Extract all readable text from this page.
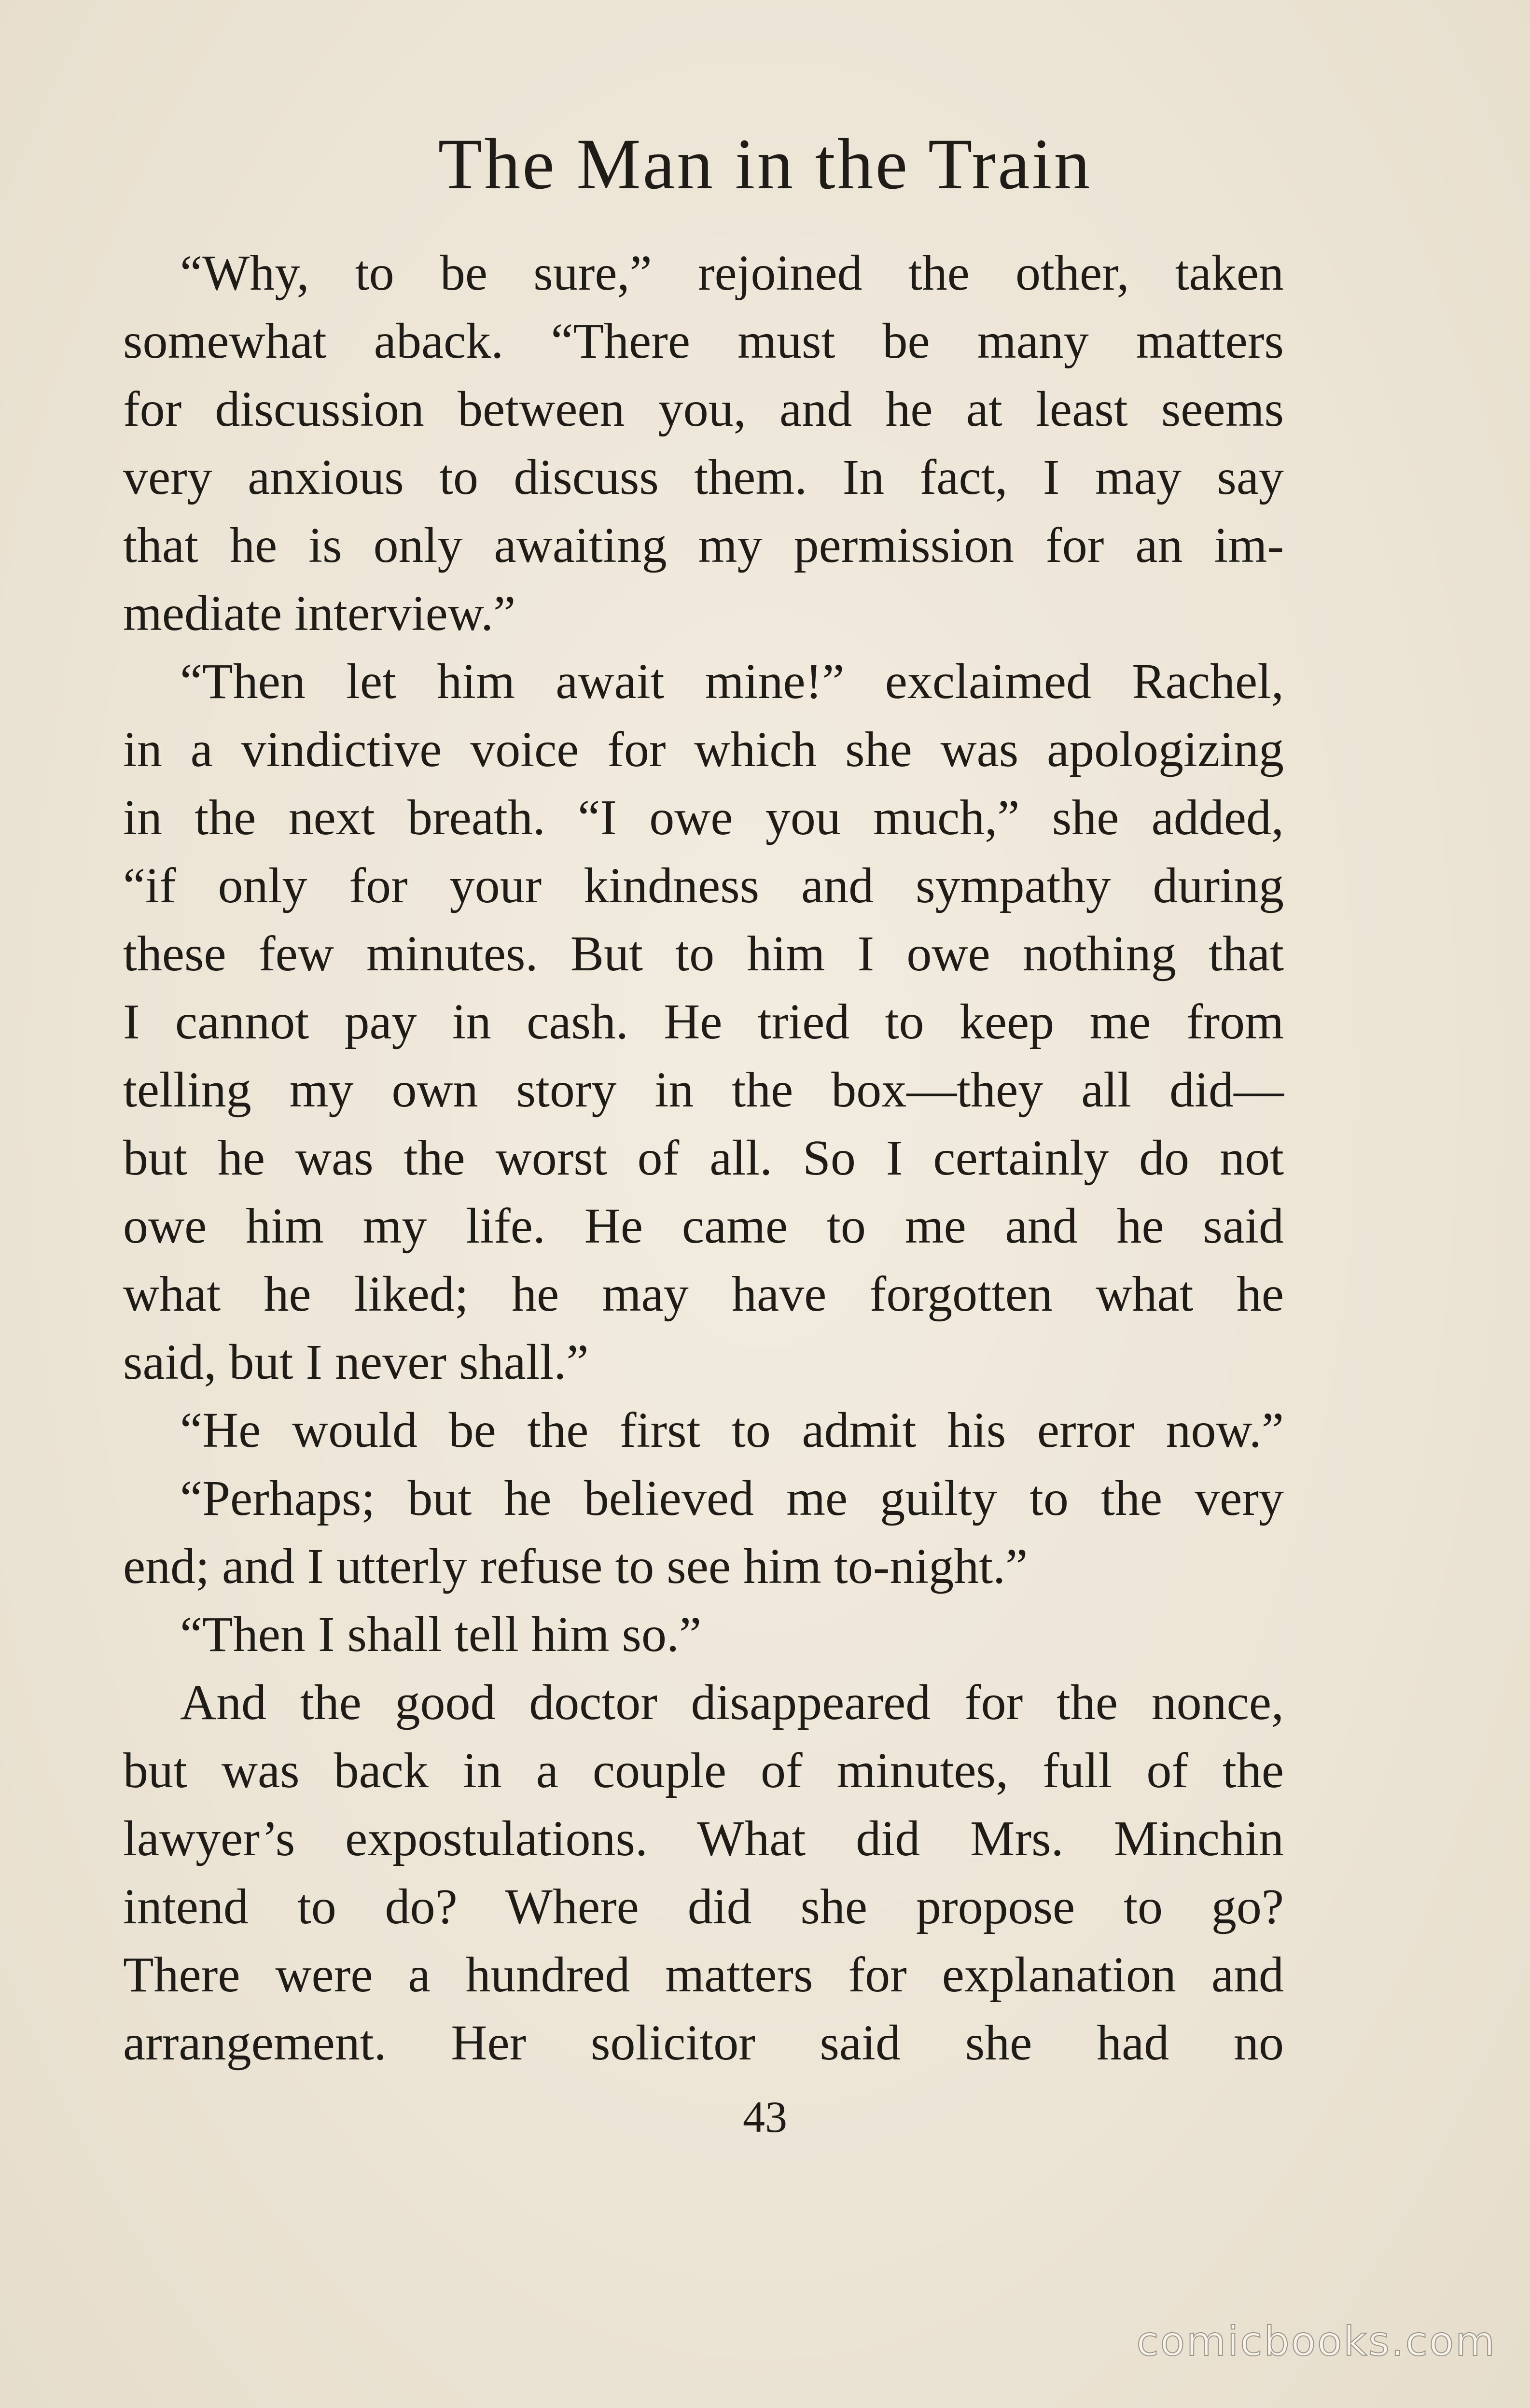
The Man in the Train
“Why, to be sure,” rejoined the other, taken
somewhat aback. “There must be many matters
for discussion between you, and he at least seems
very anxious to discuss them. In fact, I may say
that he is only awaiting my permission for an im-
mediate interview.”
“Then let him await mine!” exclaimed Rachel,
in a vindictive voice for which she was apologizing
in the next breath. “I owe you much,” she added,
“if only for your kindness and sympathy during
these few minutes. But to him I owe nothing that
I cannot pay in cash. He tried to keep me from
telling my own story in the box—they all did—
but he was the worst of all. So I certainly do not
owe him my life. He came to me and he said
what he liked; he may have forgotten what he
said, but I never shall.”
“He would be the first to admit his error now.”
“Perhaps; but he believed me guilty to the very
end; and I utterly refuse to see him to-night.”
“Then I shall tell him so.”
And the good doctor disappeared for the nonce,
but was back in a couple of minutes, full of the
lawyer’s expostulations. What did Mrs. Minchin
intend to do? Where did she propose to go?
There were a hundred matters for explanation and
arrangement. Her solicitor said she had no
43
comicbooks.com
